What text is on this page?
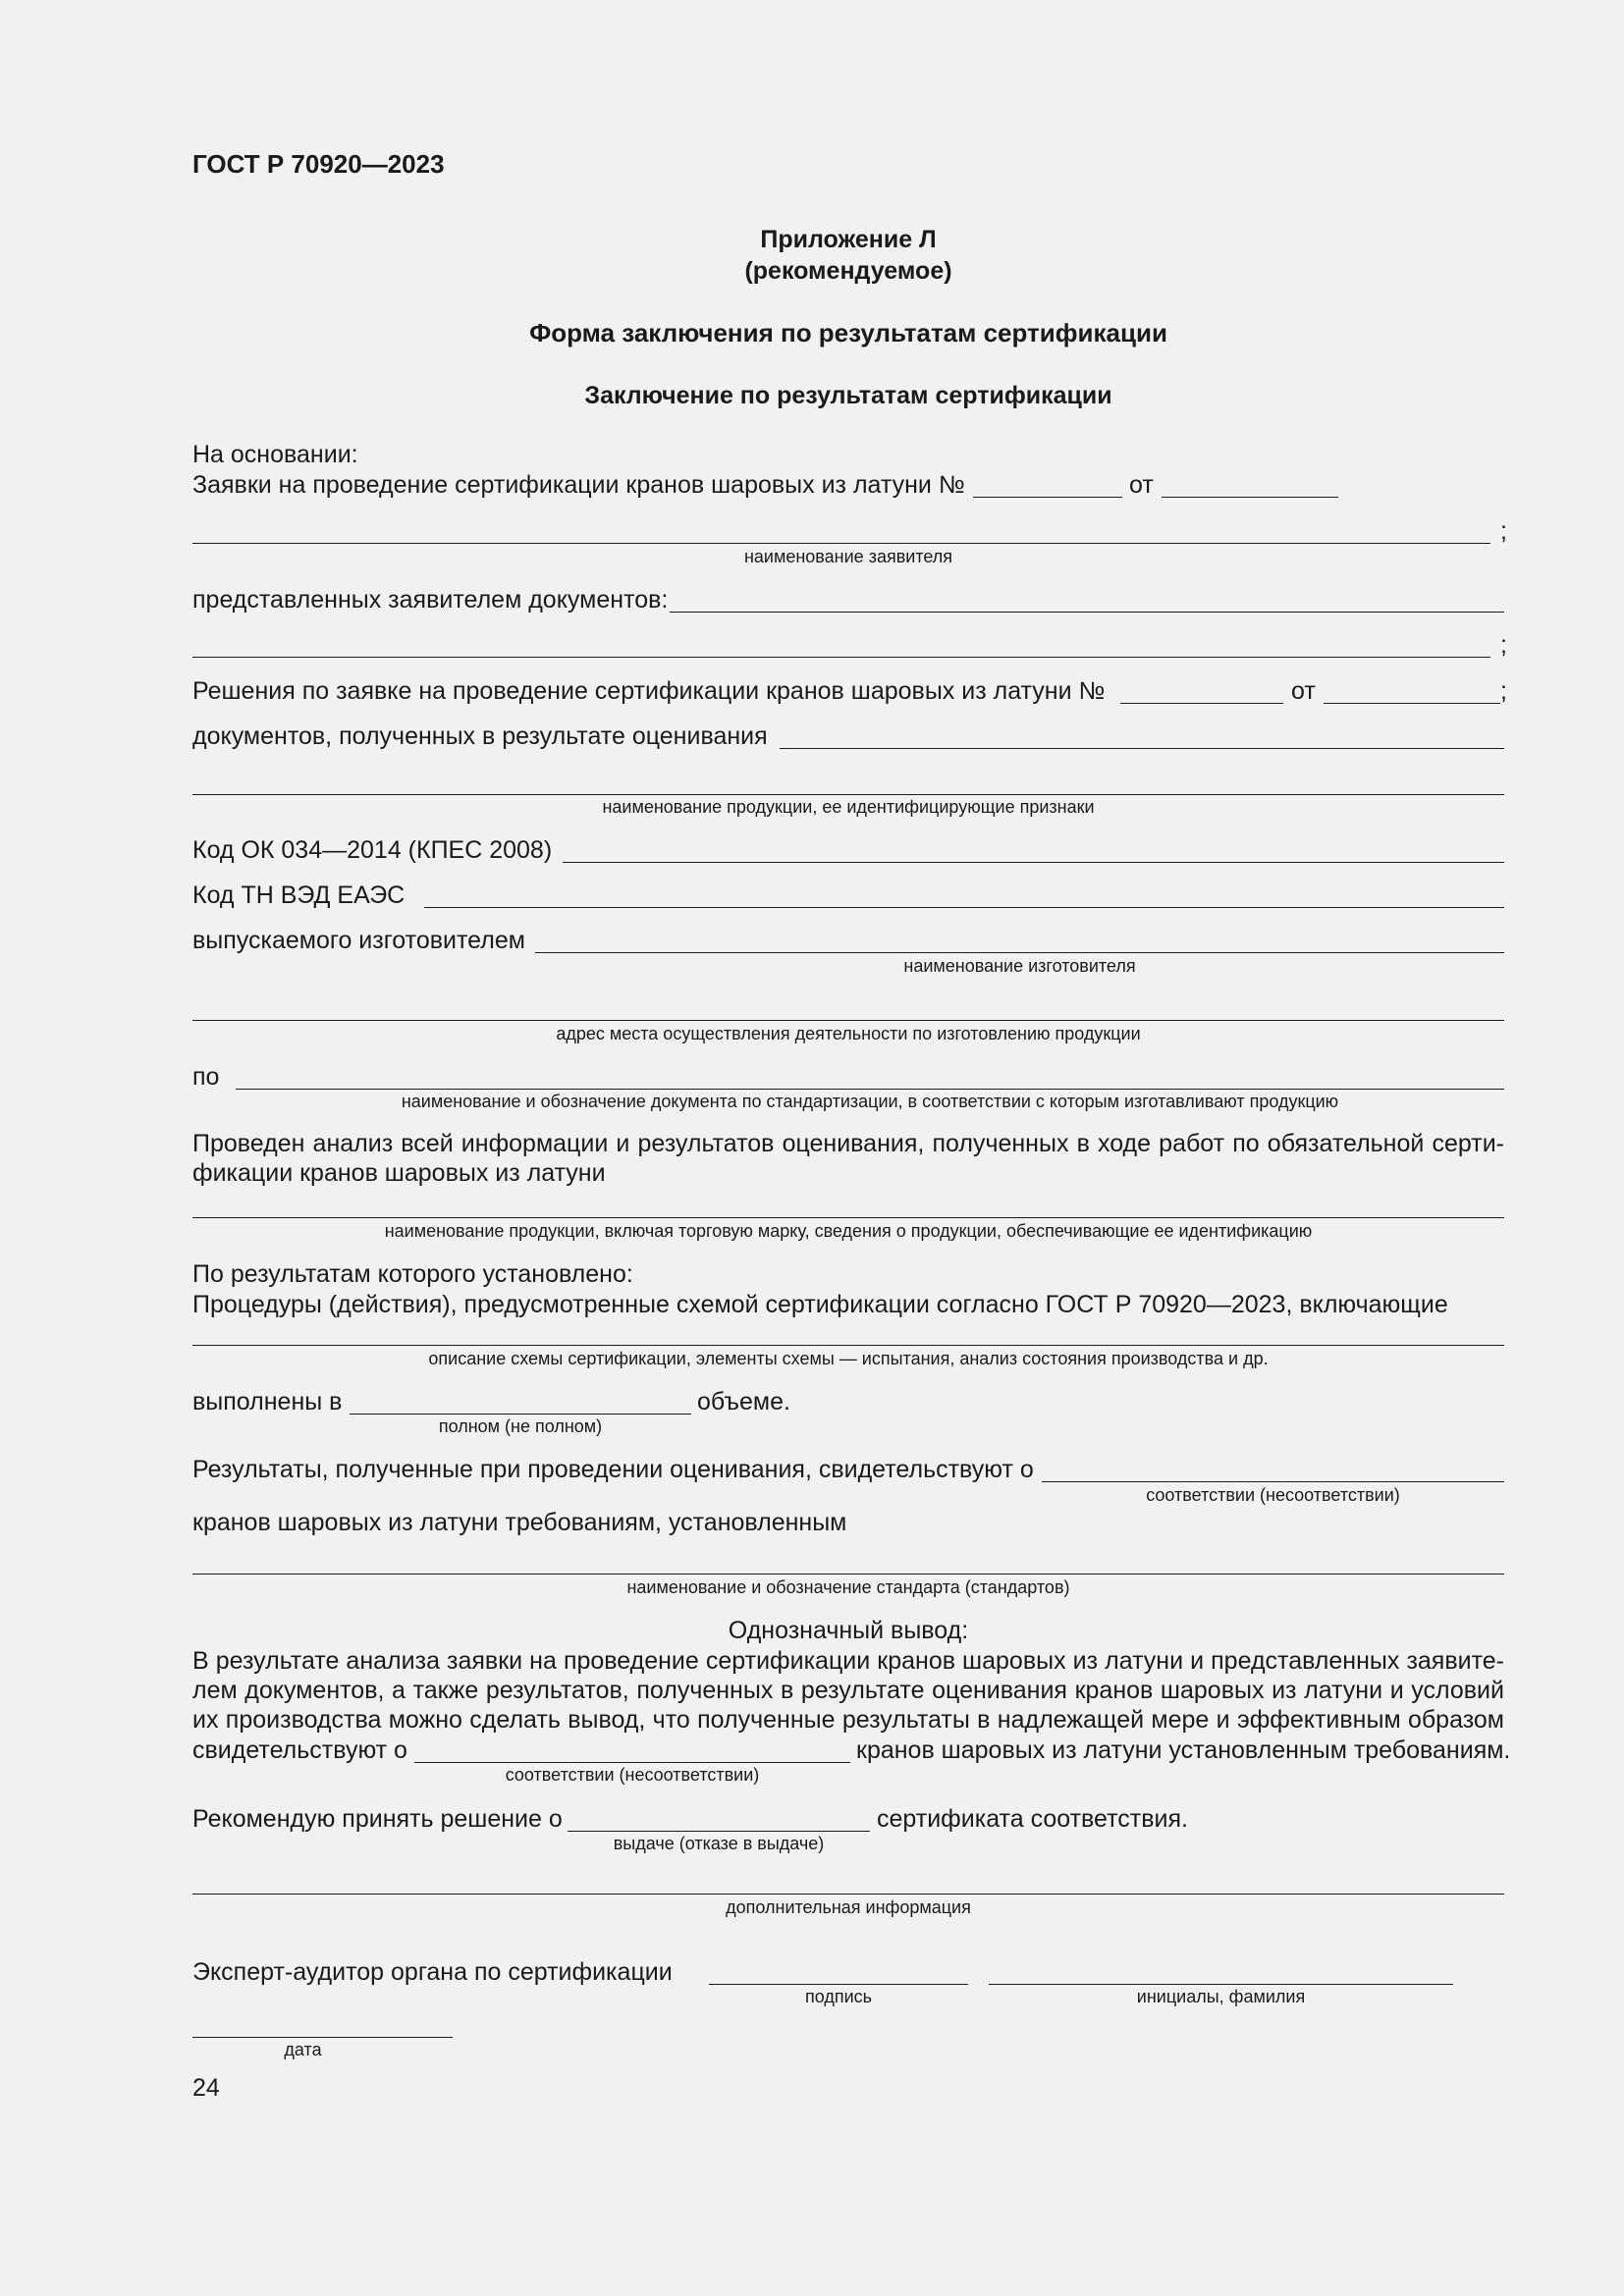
ГОСТ Р 70920—2023
Приложение Л
(рекомендуемое)
Форма заключения по результатам сертификации
Заключение по результатам сертификации
На основании:
Заявки на проведение сертификации кранов шаровых из латуни №	от
;
наименование заявителя
представленных заявителем документов:
;
Решения по заявке на проведение сертификации кранов шаровых из латуни №	от	;
документов, полученных в результате оценивания
наименование продукции, ее идентифицирующие признаки
Код ОК 034—2014 (КПЕС 2008)
Код ТН ВЭД ЕАЭС
выпускаемого изготовителем
наименование изготовителя
адрес места осуществления деятельности по изготовлению продукции
по
наименование и обозначение документа по стандартизации, в соответствии с которым изготавливают продукцию
Проведен анализ всей информации и результатов оценивания, полученных в ходе работ по обязательной серти-
фикации кранов шаровых из латуни
наименование продукции, включая торговую марку, сведения о продукции, обеспечивающие ее идентификацию
По результатам которого установлено:
Процедуры (действия), предусмотренные схемой сертификации согласно ГОСТ Р 70920—2023, включающие
описание схемы сертификации, элементы схемы — испытания, анализ состояния производства и др.
выполнены в	объеме.
полном (не полном)
Результаты, полученные при проведении оценивания, свидетельствуют о
соответствии (несоответствии)
кранов шаровых из латуни требованиям, установленным
наименование и обозначение стандарта (стандартов)
Однозначный вывод:
В результате анализа заявки на проведение сертификации кранов шаровых из латуни и представленных заявите-
лем документов, а также результатов, полученных в результате оценивания кранов шаровых из латуни и условий
их производства можно сделать вывод, что полученные результаты в надлежащей мере и эффективным образом
свидетельствуют о	кранов шаровых из латуни установленным требованиям.
соответствии (несоответствии)
Рекомендую принять решение о	сертификата соответствия.
выдаче (отказе в выдаче)
дополнительная информация
Эксперт-аудитор органа по сертификации
подпись	инициалы, фамилия
дата
24
